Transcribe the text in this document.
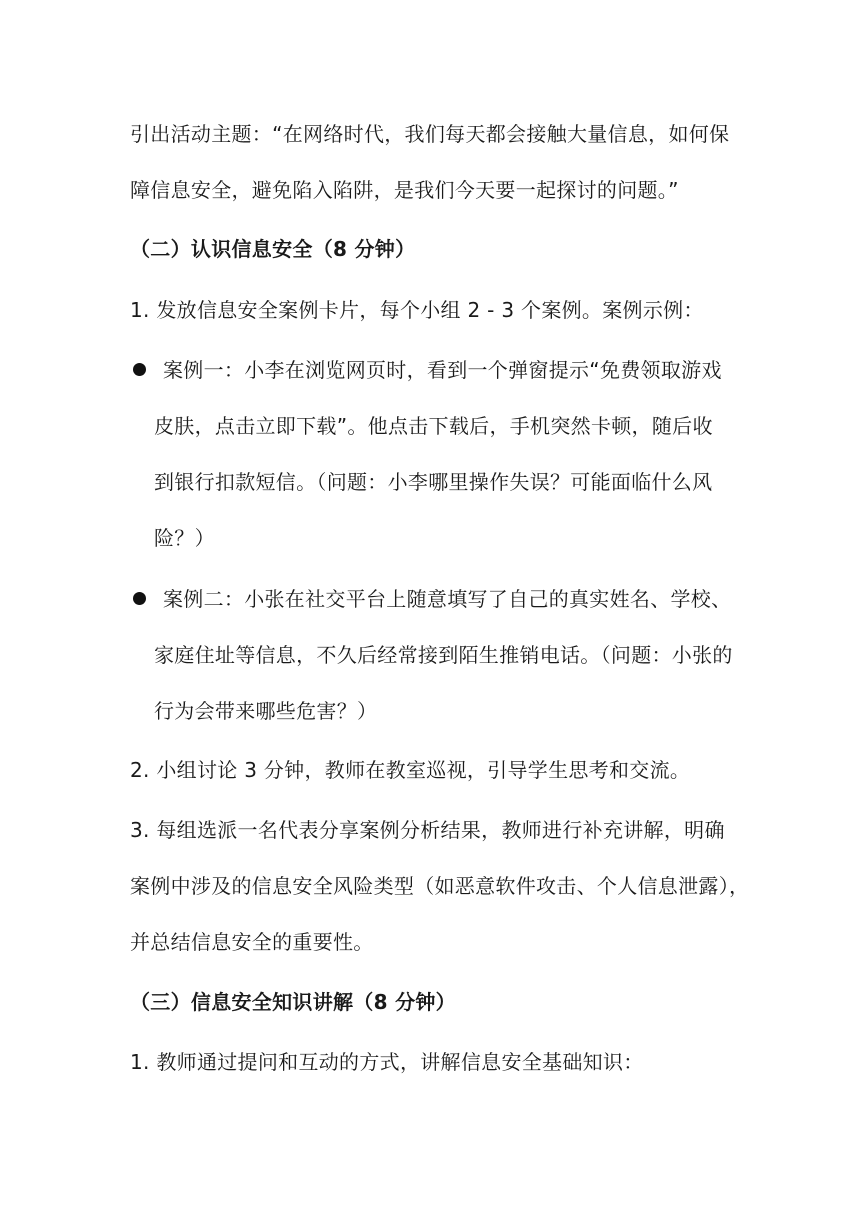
引出活动主题：“在网络时代，我们每天都会接触大量信息，如何保
障信息安全，避免陷入陷阱，是我们今天要一起探讨的问题。”
（二）认识信息安全（8 分钟）
1. 发放信息安全案例卡片，每个小组 2 - 3 个案例。案例示例：
案例一：小李在浏览网页时，看到一个弹窗提示“免费领取游戏
皮肤，点击立即下载”。他点击下载后，手机突然卡顿，随后收
到银行扣款短信。（问题：小李哪里操作失误？可能面临什么风
险？）
案例二：小张在社交平台上随意填写了自己的真实姓名、学校、
家庭住址等信息，不久后经常接到陌生推销电话。（问题：小张的
行为会带来哪些危害？）
2. 小组讨论 3 分钟，教师在教室巡视，引导学生思考和交流。
3. 每组选派一名代表分享案例分析结果，教师进行补充讲解，明确
案例中涉及的信息安全风险类型（如恶意软件攻击、个人信息泄露），
并总结信息安全的重要性。
（三）信息安全知识讲解（8 分钟）
1. 教师通过提问和互动的方式，讲解信息安全基础知识：
